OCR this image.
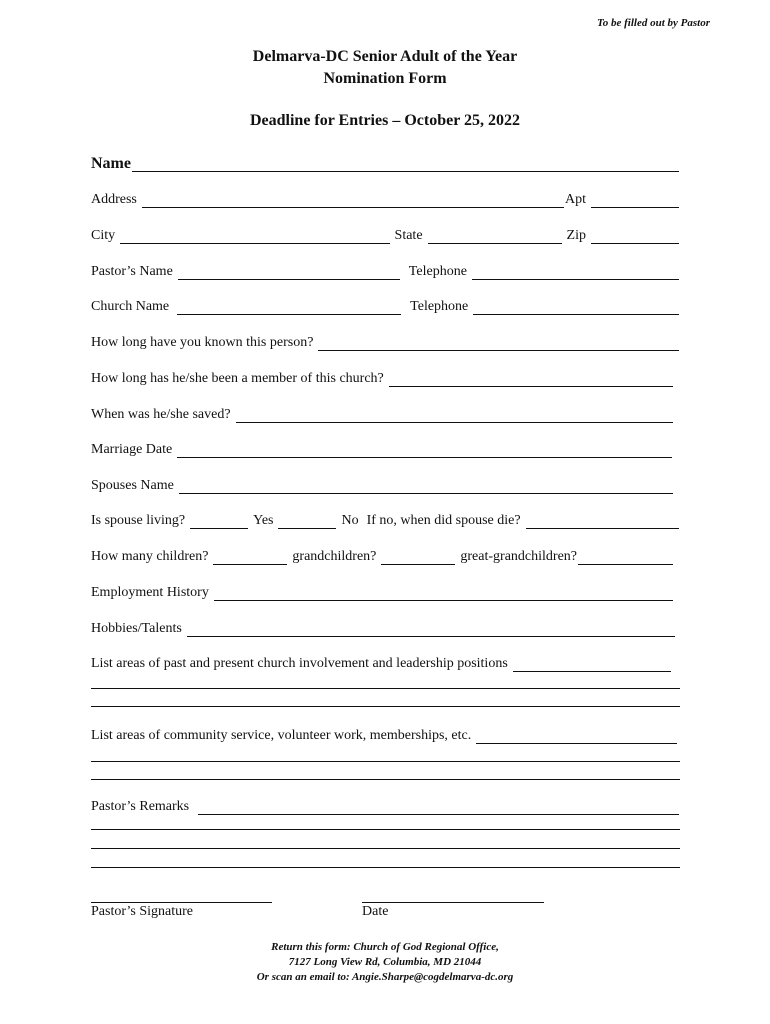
To be filled out by Pastor
Delmarva-DC Senior Adult of the Year
Nomination Form
Deadline for Entries – October 25, 2022
Name
Address	Apt
City	State	Zip
Pastor’s Name	Telephone
Church Name	Telephone
How long have you known this person?
How long has he/she been a member of this church?
When was he/she saved?
Marriage Date
Spouses Name
Is spouse living?	Yes	No If no, when did spouse die?
How many children?	grandchildren?	great-grandchildren?
Employment History
Hobbies/Talents
List areas of past and present church involvement and leadership positions
List areas of community service, volunteer work, memberships, etc.
Pastor’s Remarks
Pastor’s Signature	Date
Return this form: Church of God Regional Office,
7127 Long View Rd, Columbia, MD 21044
Or scan an email to: Angie.Sharpe@cogdelmarva-dc.org
